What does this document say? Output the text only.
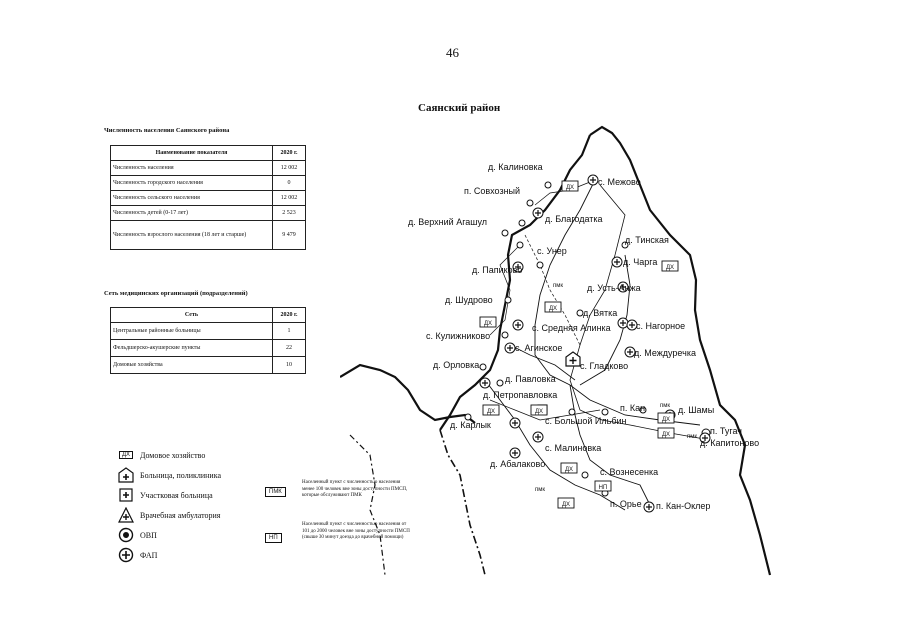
46
Саянский район
Численность населения Саянского района
Наименование показателя	2020 г.
Численность населения	12 002
Численность городского населения	0
Численность сельского населения	12 002
Численность детей (0-17 лет)	2 523
Численность взрослого населения (18 лет и старше)	9 479
Сеть медицинских организаций (подразделений)
Сеть	2020 г.
Центральные районные больницы	1
Фельдшерско-акушерские пункты	22
Домовые хозяйства	10
ДХ	Домовое хозяйство
Больница, поликлиника
Участковая больница
Врачебная амбулатория
ОВП
ФАП
ПМК
Населенный пункт с численностью населения менее 100 человек вне зоны доступности ПМСП, которые обслуживают ПМК
НП
Населенный пункт с численностью населения от 101 до 2000 человек вне зоны доступности ПМСП (свыше 30 минут доезда до врачебной помощи)
ДХ
ДХ
ДХ
ДХ
ДХ	ДХ
ДХ
ДХ
ДХ
ДХ
НП
пмк
пмк
пмк
пмк
д. Калиновка
п. Совхозный
с. Межово
д. Верхний Агашул	д. Благодатка
с. Унер
д. Тинская
д. Чарга
д. Папиково
д. Усть-Анжа
д. Шудрово
д. Вятка
с. Кулижниково
с. Средняя Алинка	с. Нагорное
с. Агинское	д. Междуречка
д. Орловка	с. Гладково
д. Павловка
д. Петропавловка
п. Кан	д. Шамы
д. Карлык	с. Большой Ильбин
п. Тугач
д. Капитоново
с. Малиновка
д. Абалаково
с. Вознесенка
п. Орье п. Кан-Оклер
